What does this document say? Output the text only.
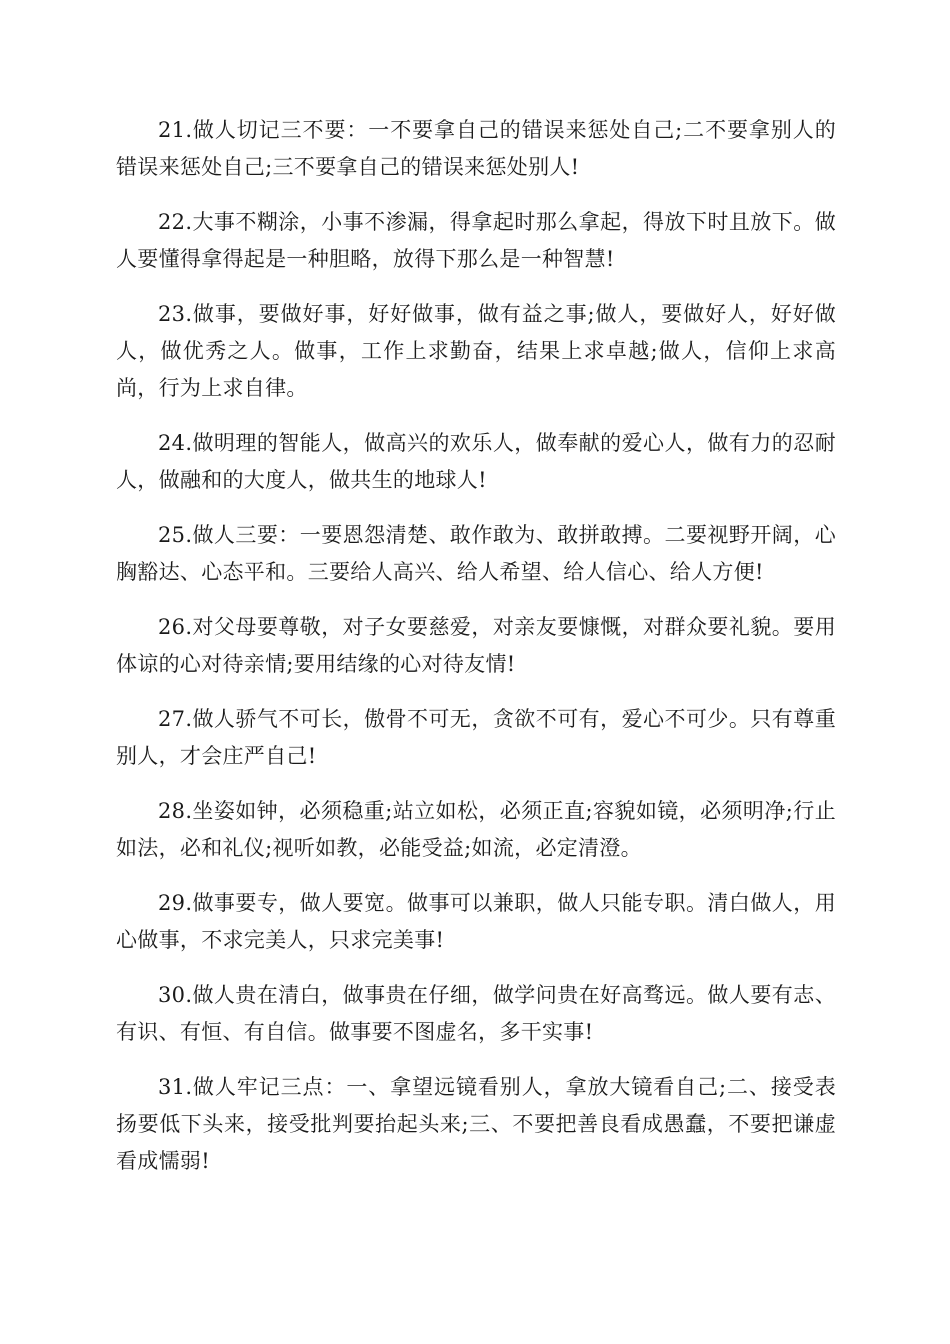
21.做人切记三不要：一不要拿自己的错误来惩处自己;二不要拿别人的错误来惩处自己;三不要拿自己的错误来惩处别人!

22.大事不糊涂，小事不渗漏，得拿起时那么拿起，得放下时且放下。做人要懂得拿得起是一种胆略，放得下那么是一种智慧!

23.做事，要做好事，好好做事，做有益之事;做人，要做好人，好好做人，做优秀之人。做事，工作上求勤奋，结果上求卓越;做人，信仰上求高尚，行为上求自律。

24.做明理的智能人，做高兴的欢乐人，做奉献的爱心人，做有力的忍耐人，做融和的大度人，做共生的地球人!

25.做人三要：一要恩怨清楚、敢作敢为、敢拼敢搏。二要视野开阔，心胸豁达、心态平和。三要给人高兴、给人希望、给人信心、给人方便!

26.对父母要尊敬，对子女要慈爱，对亲友要慷慨，对群众要礼貌。要用体谅的心对待亲情;要用结缘的心对待友情!

27.做人骄气不可长，傲骨不可无，贪欲不可有，爱心不可少。只有尊重别人，才会庄严自己!

28.坐姿如钟，必须稳重;站立如松，必须正直;容貌如镜，必须明净;行止如法，必和礼仪;视听如教，必能受益;如流，必定清澄。

29.做事要专，做人要宽。做事可以兼职，做人只能专职。清白做人，用心做事，不求完美人，只求完美事!

30.做人贵在清白，做事贵在仔细，做学问贵在好高骛远。做人要有志、有识、有恒、有自信。做事要不图虚名，多干实事!

31.做人牢记三点：一、拿望远镜看别人，拿放大镜看自己;二、接受表扬要低下头来，接受批判要抬起头来;三、不要把善良看成愚蠢，不要把谦虚看成懦弱!
